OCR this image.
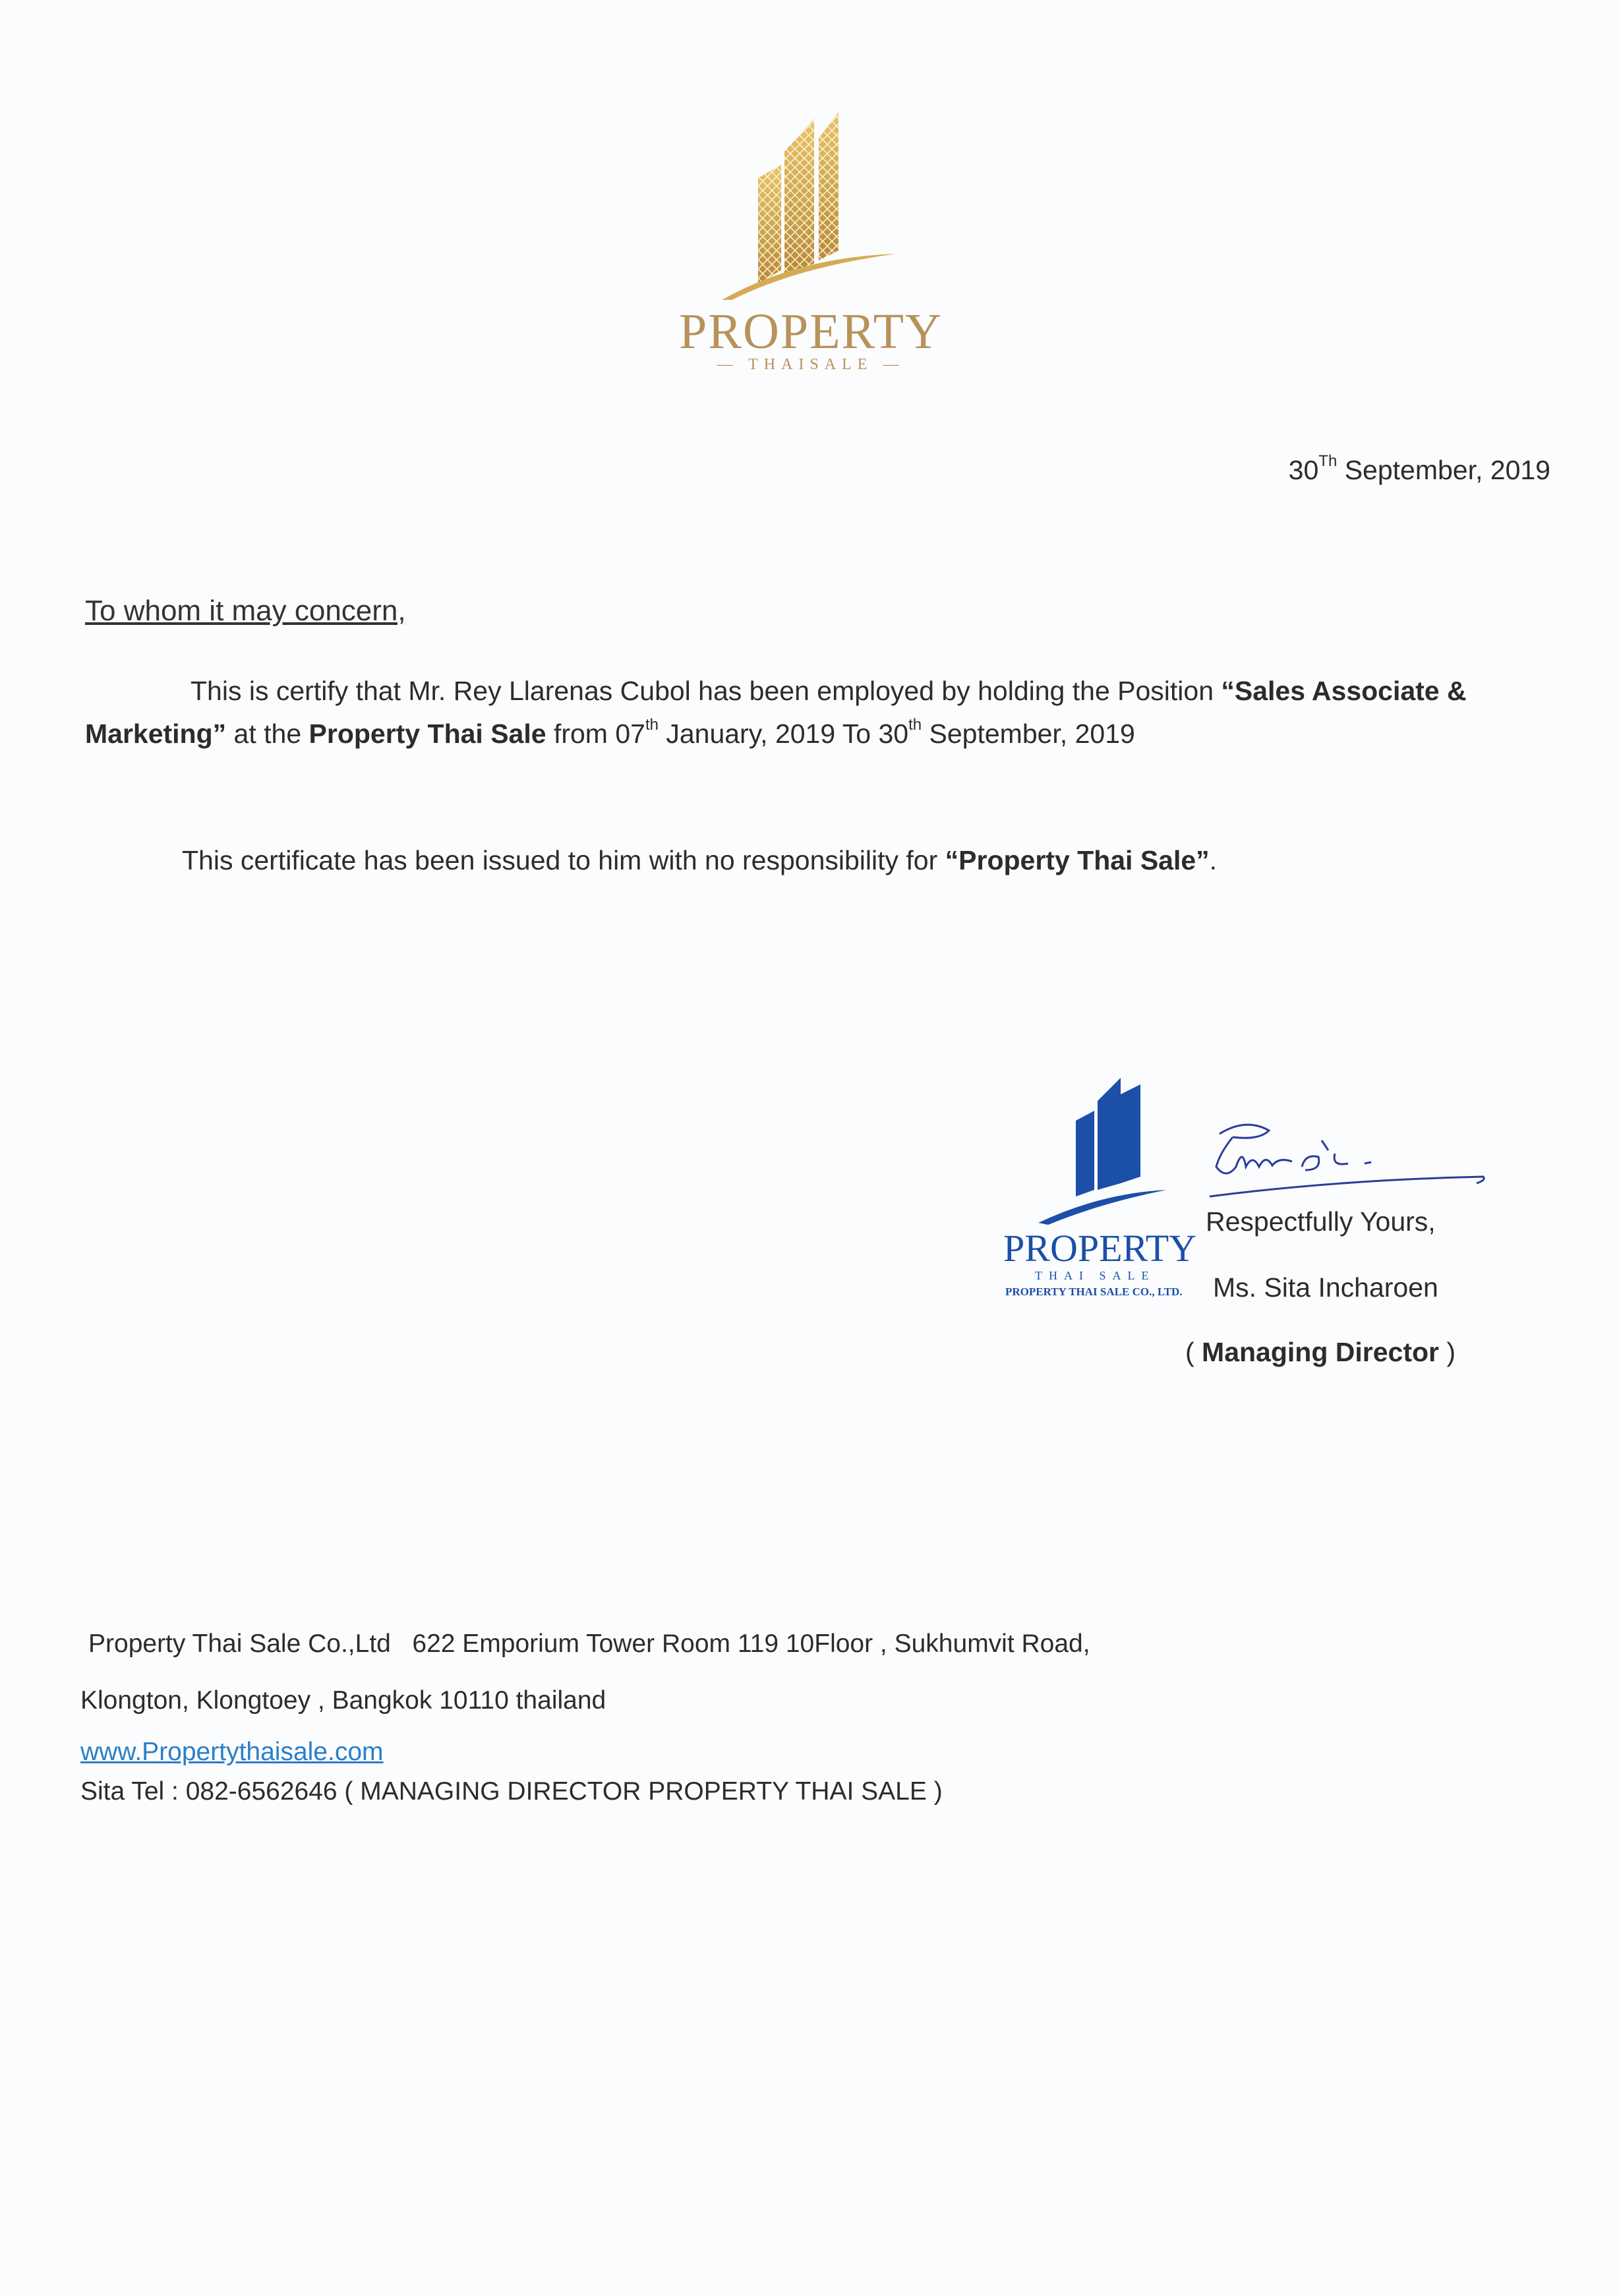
PROPERTY
— THAISALE —
30Th September, 2019
To whom it may concern,
This is certify that Mr. Rey Llarenas Cubol has been employed by holding the Position “Sales Associate &
Marketing” at the Property Thai Sale from 07th January, 2019 To 30th September, 2019
This certificate has been issued to him with no responsibility for “Property Thai Sale”.
PROPERTY
THAI SALE
PROPERTY THAI SALE CO., LTD.
Respectfully Yours,
Ms. Sita Incharoen
( Managing Director )
Property Thai Sale Co.,Ltd 622 Emporium Tower Room 119 10Floor , Sukhumvit Road,
Klongton, Klongtoey , Bangkok 10110 thailand
www.Propertythaisale.com
Sita Tel : 082-6562646 ( MANAGING DIRECTOR PROPERTY THAI SALE )
